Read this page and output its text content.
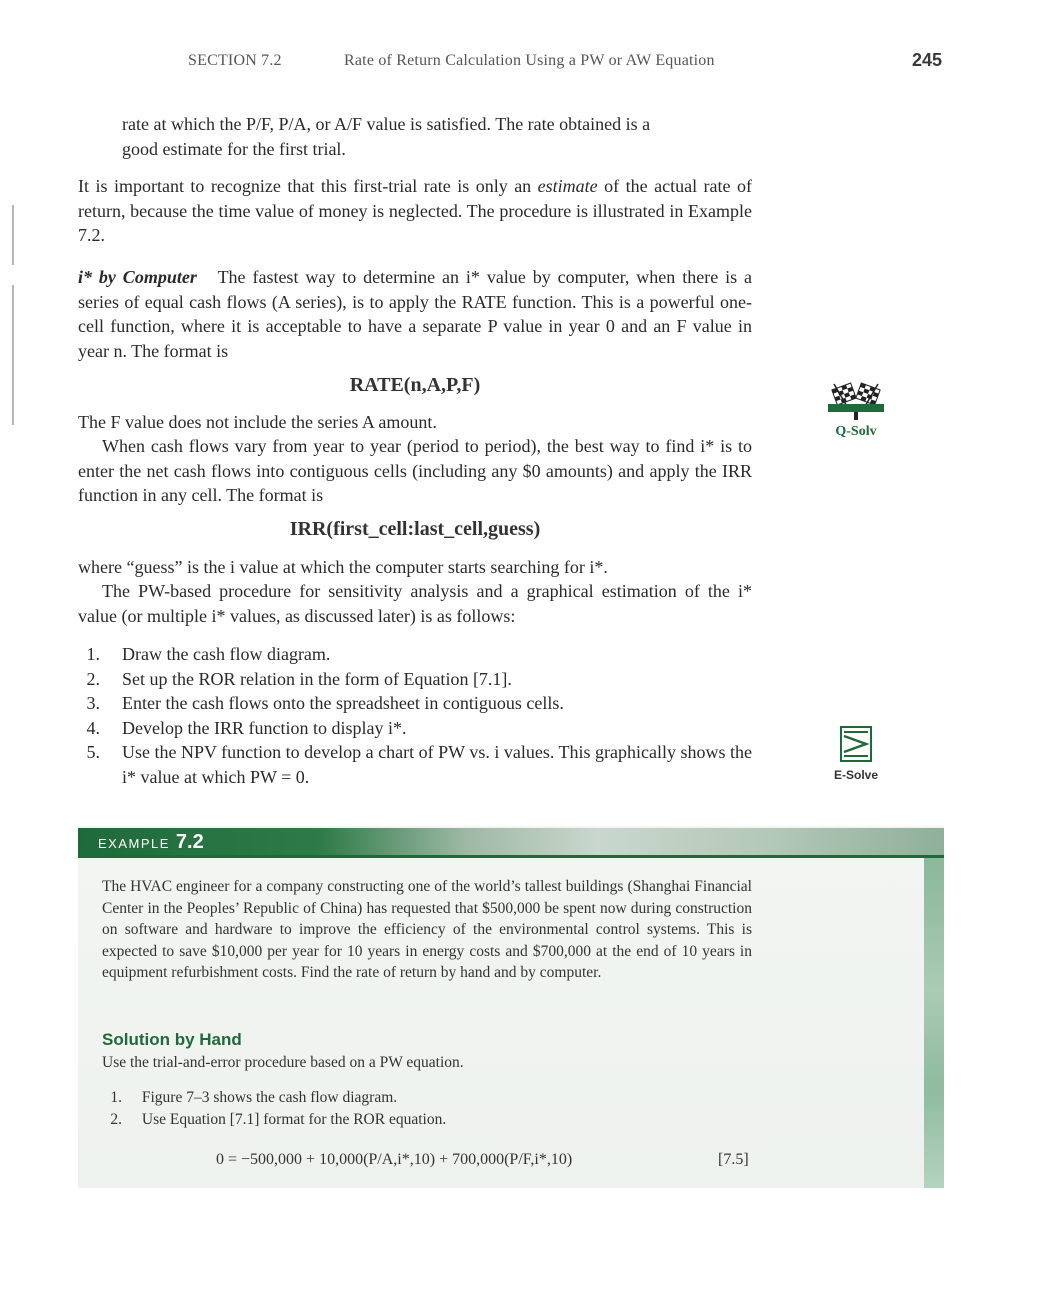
SECTION 7.2	Rate of Return Calculation Using a PW or AW Equation	245
rate at which the P/F, P/A, or A/F value is satisfied. The rate obtained is a
good estimate for the first trial.

It is important to recognize that this first-trial rate is only an estimate of the actual rate of return, because the time value of money is neglected. The procedure is illustrated in Example 7.2.

i* by Computer The fastest way to determine an i* value by computer, when there is a series of equal cash flows (A series), is to apply the RATE function. This is a powerful one-cell function, where it is acceptable to have a separate P value in year 0 and an F value in year n. The format is

RATE(n,A,P,F)

The F value does not include the series A amount.

When cash flows vary from year to year (period to period), the best way to find i* is to enter the net cash flows into contiguous cells (including any $0 amounts) and apply the IRR function in any cell. The format is

IRR(first_cell:last_cell,guess)

where “guess” is the i value at which the computer starts searching for i*.

The PW-based procedure for sensitivity analysis and a graphical estimation of the i* value (or multiple i* values, as discussed later) is as follows:

1. Draw the cash flow diagram.
2. Set up the ROR relation in the form of Equation [7.1].
3. Enter the cash flows onto the spreadsheet in contiguous cells.
4. Develop the IRR function to display i*.
5. Use the NPV function to develop a chart of PW vs. i values. This graphically shows the i* value at which PW = 0.
Q-Solv
E-Solve
EXAMPLE 7.2

The HVAC engineer for a company constructing one of the world’s tallest buildings (Shanghai Financial Center in the Peoples’ Republic of China) has requested that $500,000 be spent now during construction on software and hardware to improve the efficiency of the environmental control systems. This is expected to save $10,000 per year for 10 years in energy costs and $700,000 at the end of 10 years in equipment refurbishment costs. Find the rate of return by hand and by computer.

Solution by Hand
Use the trial-and-error procedure based on a PW equation.
1. Figure 7–3 shows the cash flow diagram.
2. Use Equation [7.1] format for the ROR equation.
0 = −500,000 + 10,000(P/A,i*,10) + 700,000(P/F,i*,10)	[7.5]
